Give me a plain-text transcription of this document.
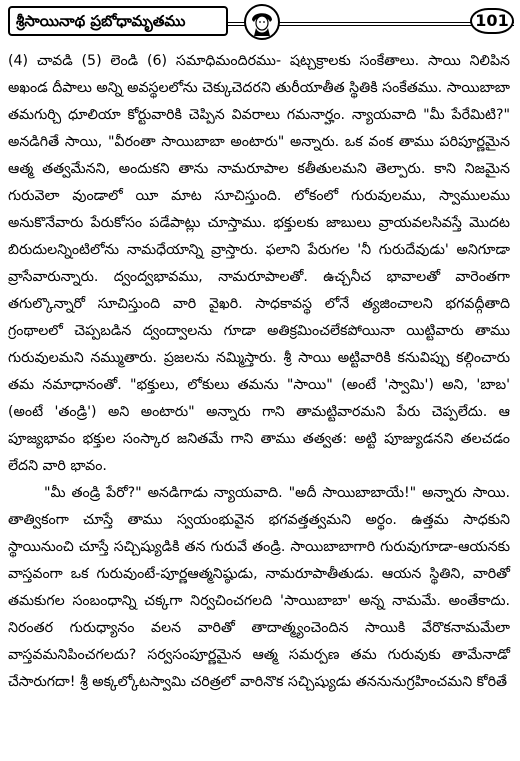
శ్రీసాయినాథ ప్రబోధామృతము	101

(4) చావడి (5) లెండి (6) సమాధిమందిరము- షట్చక్రాలకు సంకేతాలు. సాయి నిలిపిన అఖండ దీపాలు అన్ని అవస్థలలోను చెక్కుచెదరని తురీయాతీత స్థితికి సంకేతము. సాయిబాబా తమగుర్చి ధూలియా కోర్టువారికి చెప్పిన వివరాలు గమనార్హం. న్యాయవాది "మీ పేరేమిటి?" అనడిగితే సాయి, "వీరంతా సాయిబాబా అంటారు" అన్నారు. ఒక వంక తాము పరిపూర్ణమైన ఆత్మ తత్వమేనని, అందుకని తాను నామరూపాల కతీతులమని తెల్పారు. కాని నిజమైన గురువెలా వుండాలో యీ మాట సూచిస్తుంది. లోకంలో గురువులము, స్వాములము అనుకొనేవారు పేరుకోసం పడేపాట్లు చూస్తాము. భక్తులకు జాబులు వ్రాయవలసివస్తే మొదట బిరుదులన్నింటిలోను నామధేయాన్ని వ్రాస్తారు. ఫలాని పేరుగల 'నీ గురుదేవుడు' అనిగూడా వ్రాసేవారున్నారు. ద్వంద్వభావము, నామరూపాలతో. ఉచ్చనీచ భావాలతో వారెంతగా తగుల్కొన్నారో సూచిస్తుంది వారి వైఖరి. సాధకావస్థ లోనే త్యజించాలని భగవద్గీతాది గ్రంథాలలో చెప్పబడిన ద్వంద్వాలను గూడా అతిక్రమించలేకపోయినా యిట్టివారు తాము గురువులమని నమ్ముతారు. ప్రజలను నమ్మిస్తారు. శ్రీ సాయి అట్టివారికి కనువిప్పు కల్గించారు తమ నమాధానంతో. "భక్తులు, లోకులు తమను "సాయి" (అంటే 'స్వామి') అని, 'బాబ' (అంటే 'తండ్రి') అని అంటారు" అన్నారు గాని తామట్టివారమని పేరు చెప్పలేదు. ఆ పూజ్యభావం భక్తుల సంస్కార జనితమే గాని తాము తత్వత: అట్టి పూజ్యుడనని తలచడం లేదని వారి భావం.

"మీ తండ్రి పేరో?" అనడిగాడు న్యాయవాది. "అదీ సాయిబాబాయే!" అన్నారు సాయి. తాత్వికంగా చూస్తే తాము స్వయంభువైన భగవత్తత్వమని అర్థం. ఉత్తమ సాధకుని స్థాయినుంచి చూస్తే సచ్చిష్యుడికి తన గురువే తండ్రి. సాయిబాబాగారి గురువుగూడా-ఆయనకు వాస్తవంగా ఒక గురువుంటే-పూర్ణఆత్మనిష్ఠుడు, నామరూపాతీతుడు. ఆయన స్థితిని, వారితో తమకుగల సంబంధాన్ని చక్కగా నిర్వచించగలది 'సాయిబాబా' అన్న నామమే. అంతేకాదు. నిరంతర గురుధ్యానం వలన వారితో తాదాత్మ్యంచెందిన సాయికి వేరొకనామమేలా వాస్తవమనిపించగలదు? సర్వసంపూర్ణమైన ఆత్మ సమర్పణ తమ గురువుకు తామేనాడో చేసారుగదా! శ్రీ అక్కల్కోటస్వామి చరిత్రలో వారినొక సచ్చిష్యుడు తననునుగ్రహించమని కోరితే
